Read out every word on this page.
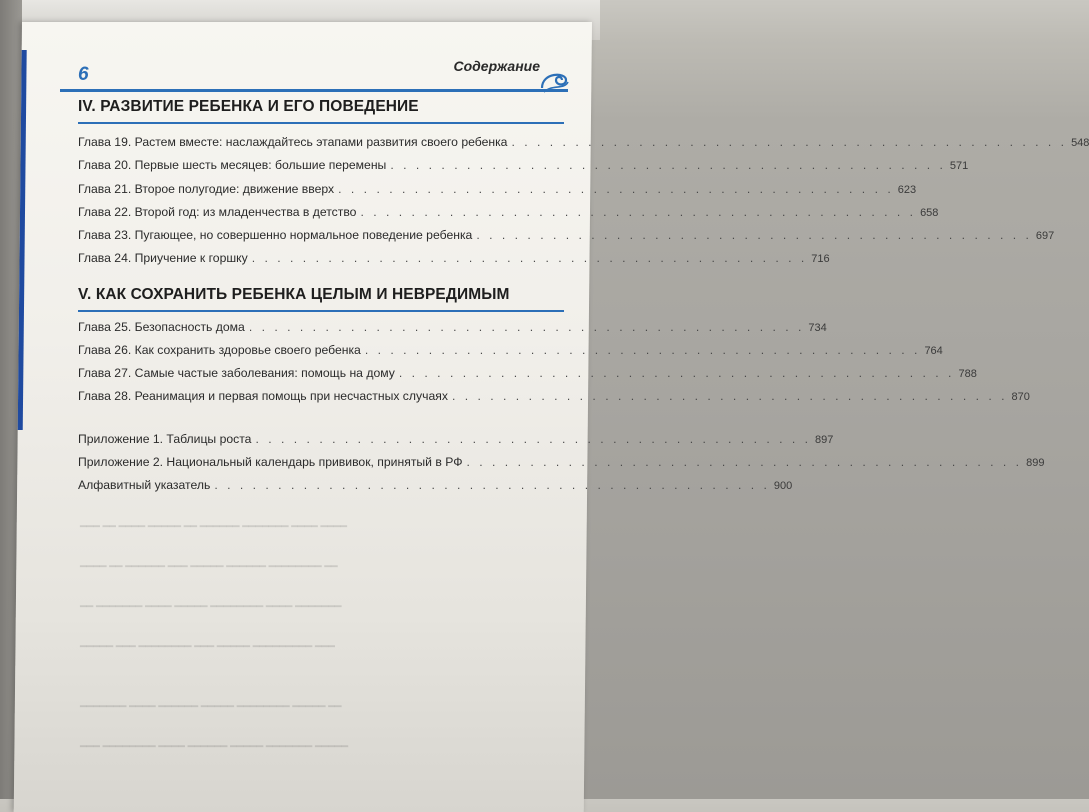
━━━ ━━ ━━━━ ━━━━━ ━━ ━━━━━━ ━━━━━━━ ━━━━ ━━━━
━━━━ ━━ ━━━━━━ ━━━ ━━━━━ ━━━━━━ ━━━━━━━━ ━━
━━ ━━━━━━━ ━━━━ ━━━━━ ━━━━━━━━ ━━━━ ━━━━━━━
━━━━━ ━━━ ━━━━━━━━ ━━━ ━━━━━ ━━━━━━━━━ ━━━
━━━━━━━ ━━━━ ━━━━━━ ━━━━━ ━━━━━━━━ ━━━━━ ━━
━━━ ━━━━━━━━ ━━━━ ━━━━━━ ━━━━━ ━━━━━━━ ━━━━━
6	Содержание
IV. РАЗВИТИЕ РЕБЕНКА И ЕГО ПОВЕДЕНИЕ
Глава 19. Растем вместе: наслаждайтесь этапами развития своего ребенка . . . . . . . . . . . . . . . . . . . . . . . . . . . . . . . . . . . . . . . . . . . . 548
Глава 20. Первые шесть месяцев: большие перемены . . . . . . . . . . . . . . . . . . . . . . . . . . . . . . . . . . . . . . . . . . . . 571
Глава 21. Второе полугодие: движение вверх . . . . . . . . . . . . . . . . . . . . . . . . . . . . . . . . . . . . . . . . . . . . 623
Глава 22. Второй год: из младенчества в детство . . . . . . . . . . . . . . . . . . . . . . . . . . . . . . . . . . . . . . . . . . . . 658
Глава 23. Пугающее, но совершенно нормальное поведение ребенка . . . . . . . . . . . . . . . . . . . . . . . . . . . . . . . . . . . . . . . . . . . . 697
Глава 24. Приучение к горшку . . . . . . . . . . . . . . . . . . . . . . . . . . . . . . . . . . . . . . . . . . . . 716
V. КАК СОХРАНИТЬ РЕБЕНКА ЦЕЛЫМ И НЕВРЕДИМЫМ
Глава 25. Безопасность дома . . . . . . . . . . . . . . . . . . . . . . . . . . . . . . . . . . . . . . . . . . . . 734
Глава 26. Как сохранить здоровье своего ребенка . . . . . . . . . . . . . . . . . . . . . . . . . . . . . . . . . . . . . . . . . . . . 764
Глава 27. Самые частые заболевания: помощь на дому . . . . . . . . . . . . . . . . . . . . . . . . . . . . . . . . . . . . . . . . . . . . 788
Глава 28. Реанимация и первая помощь при несчастных случаях . . . . . . . . . . . . . . . . . . . . . . . . . . . . . . . . . . . . . . . . . . . . 870
Приложение 1. Таблицы роста . . . . . . . . . . . . . . . . . . . . . . . . . . . . . . . . . . . . . . . . . . . . 897
Приложение 2. Национальный календарь прививок, принятый в РФ . . . . . . . . . . . . . . . . . . . . . . . . . . . . . . . . . . . . . . . . . . . . 899
Алфавитный указатель . . . . . . . . . . . . . . . . . . . . . . . . . . . . . . . . . . . . . . . . . . . . 900
